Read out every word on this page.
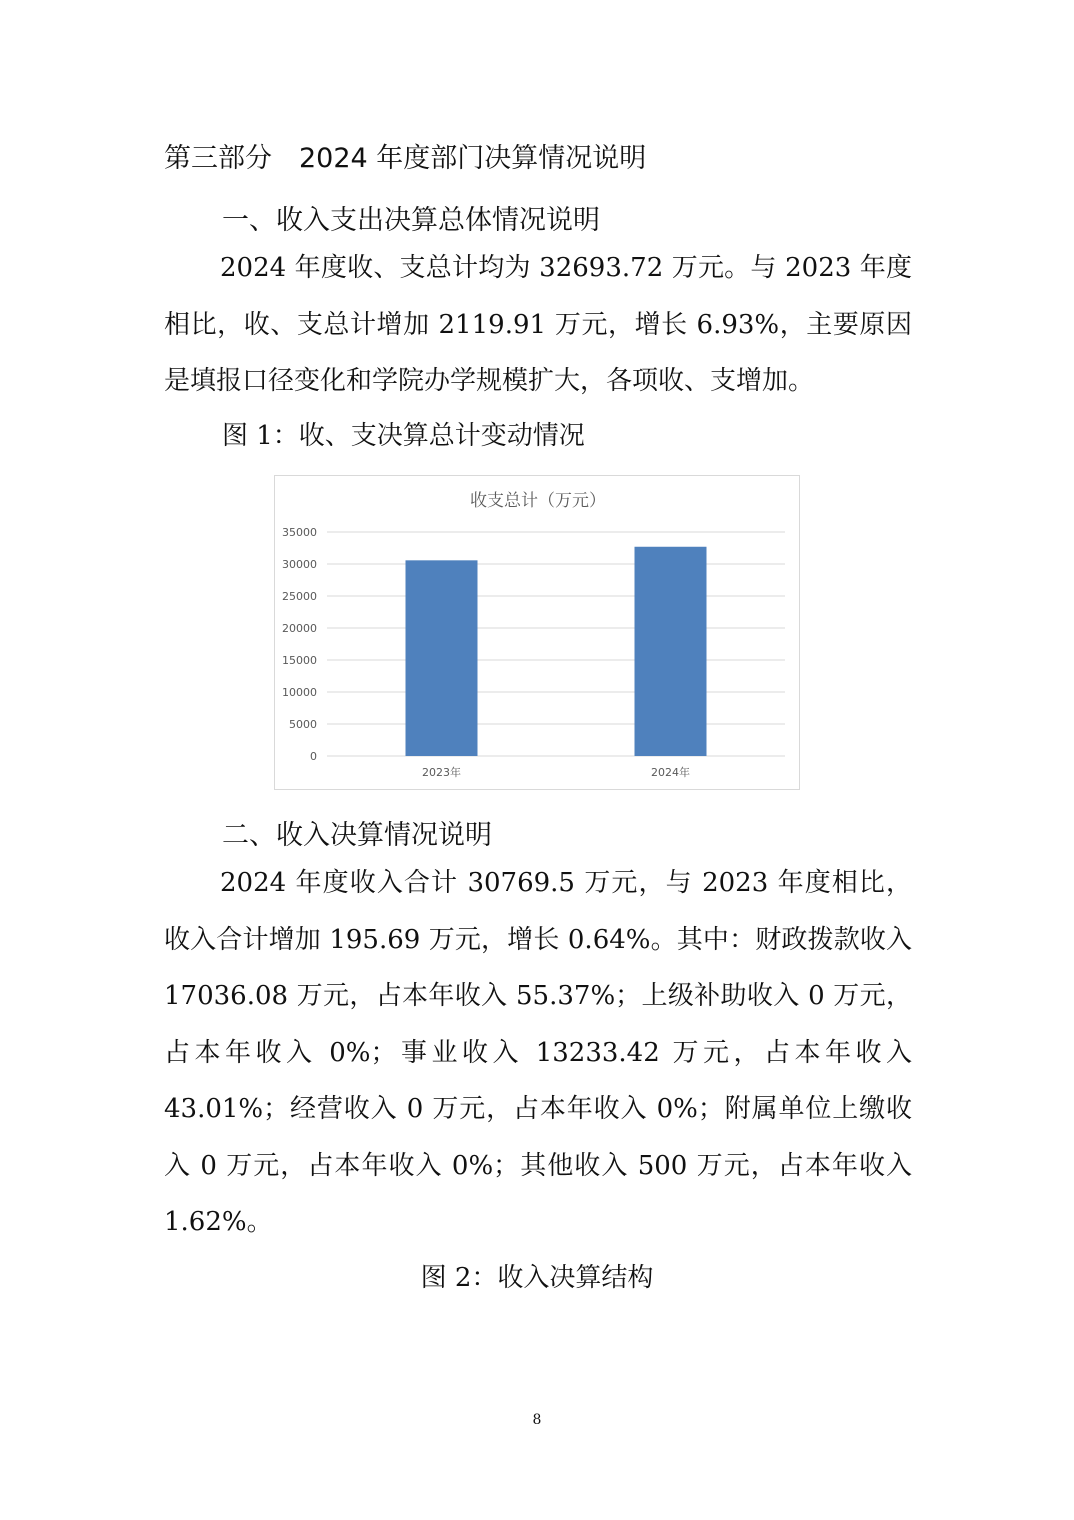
第三部分　2024 年度部门决算情况说明
一、收入支出决算总体情况说明

2024 年度收、支总计均为 32693.72 万元。与 2023 年度相比，收、支总计增加 2119.91 万元，增长 6.93%，主要原因是填报口径变化和学院办学规模扩大，各项收、支增加。

图 1：收、支决算总计变动情况
收支总计（万元）
0
5000
10000
15000
20000
25000
30000
35000
2023年	2024年
二、收入决算情况说明

2024 年度收入合计 30769.5 万元，与 2023 年度相比，收入合计增加 195.69 万元，增长 0.64%。其中：财政拨款收入 17036.08 万元，占本年收入 55.37%；上级补助收入 0 万元，占本年收入 0%；事业收入 13233.42 万元，占本年收入 43.01%；经营收入 0 万元，占本年收入 0%；附属单位上缴收入 0 万元，占本年收入 0%；其他收入 500 万元，占本年收入 1.62%。

图 2：收入决算结构
8
